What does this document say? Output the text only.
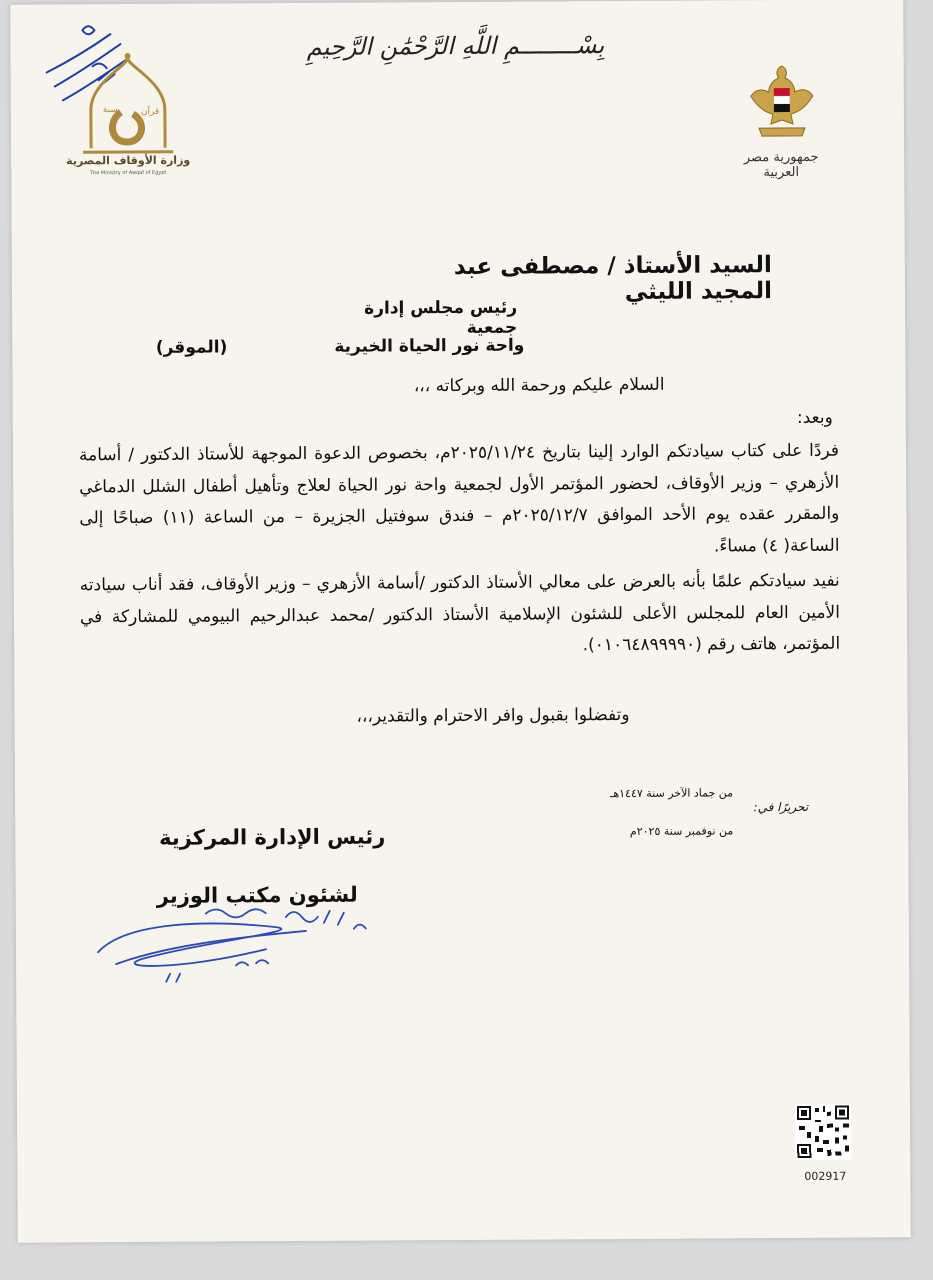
سنة	قرآن
وزارة الأوقاف المصرية
The Ministry of Awqaf of Egypt
بِسْــــــــمِ اللَّهِ الرَّحْمَٰنِ الرَّحِيمِ
جمهورية مصر العربية
السيد الأستاذ / مصطفى عبد المجيد الليثي
رئيس مجلس إدارة جمعية
واحة نور الحياة الخيرية
(الموقر)
السلام عليكم ورحمة الله وبركاته ،،،
وبعد:
فردًا على كتاب سيادتكم الوارد إلينا بتاريخ ٢٠٢٥/١١/٢٤م، بخصوص الدعوة الموجهة للأستاذ الدكتور / أسامة الأزهري – وزير الأوقاف، لحضور المؤتمر الأول لجمعية واحة نور الحياة لعلاج وتأهيل أطفال الشلل الدماغي والمقرر عقده يوم الأحد الموافق ٢٠٢٥/١٢/٧م – فندق سوفتيل الجزيرة – من الساعة (١١) صباحًا إلى الساعة( ٤) مساءً.
نفيد سيادتكم علمًا بأنه بالعرض على معالي الأستاذ الدكتور /أسامة الأزهري – وزير الأوقاف، فقد أناب سيادته الأمين العام للمجلس الأعلى للشئون الإسلامية الأستاذ الدكتور /محمد عبدالرحيم البيومي للمشاركة في المؤتمر، هاتف رقم (٠١٠٦٤٨٩٩٩٩٠).
وتفضلوا بقبول وافر الاحترام والتقدير،،،
تحريرًا في:
من جماد الآخر سنة ١٤٤٧هـ
من نوفمبر سنة ٢٠٢٥م
رئيس الإدارة المركزية
لشئون مكتب الوزير
002917
